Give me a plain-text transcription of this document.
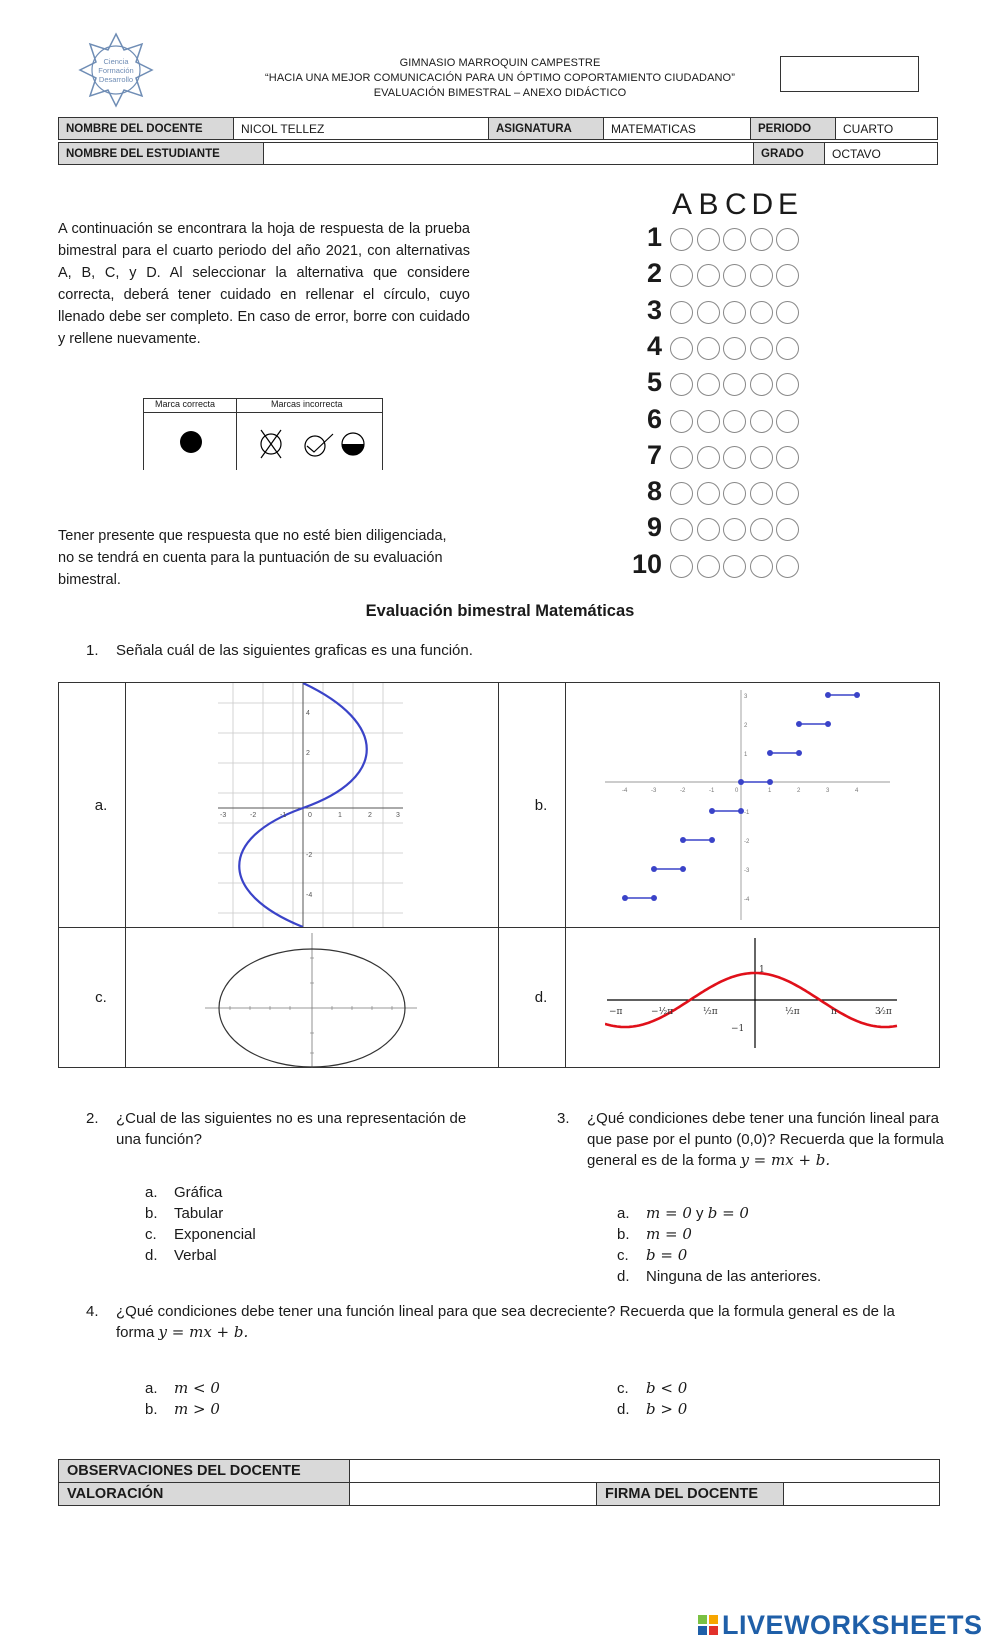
Ciencia
Formación
Desarrollo
GIMNASIO MARROQUIN CAMPESTRE
“HACIA UNA MEJOR COMUNICACIÓN PARA UN ÓPTIMO COPORTAMIENTO CIUDADANO”
EVALUACIÓN BIMESTRAL – ANEXO DIDÁCTICO
NOMBRE DEL DOCENTE	NICOL TELLEZ	ASIGNATURA	MATEMATICAS	PERIODO	CUARTO
NOMBRE DEL ESTUDIANTE		GRADO	OCTAVO
A continuación se encontrara la hoja de respuesta de la prueba bimestral para el cuarto periodo del año 2021, con alternativas A, B, C, y D. Al seleccionar la alternativa que considere correcta, deberá tener cuidado en rellenar el círculo, cuyo llenado debe ser completo. En caso de error, borre con cuidado y rellene nuevamente.
Marca correcta	Marcas incorrecta
Tener presente que respuesta que no esté bien diligenciada, no se tendrá en cuenta para la puntuación de su evaluación bimestral.
A B C D E
1
2
3
4
5
6
7
8
9
10
Evaluación bimestral Matemáticas
1. Señala cuál de las siguientes graficas es una función.
a.		b.	

c.		d.	

-3	-2	-1	0	1	2	3
4
2
-2
-4
-4	-3	-2	-1	0	1	2	3	4
3
2
1
-1
-2
-3
-4
1
−1
−π	−½π	½π	½π	π	3⁄₂π
2. ¿Cual de las siguientes no es una representación de
una función?
a. Gráfica
b. Tabular
c. Exponencial
d. Verbal
3. ¿Qué condiciones debe tener una función lineal para
que pase por el punto (0,0)? Recuerda que la formula
general es de la forma y = mx + b.
a. m = 0 y b = 0
b. m = 0
c. b = 0
d. Ninguna de las anteriores.
4. ¿Qué condiciones debe tener una función lineal para que sea decreciente? Recuerda que la formula general es de la forma y = mx + b.
a. m < 0
b. m > 0
c. b < 0
d. b > 0
OBSERVACIONES DEL DOCENTE			
VALORACIÓN		FIRMA DEL DOCENTE	
LIVEWORKSHEETS
